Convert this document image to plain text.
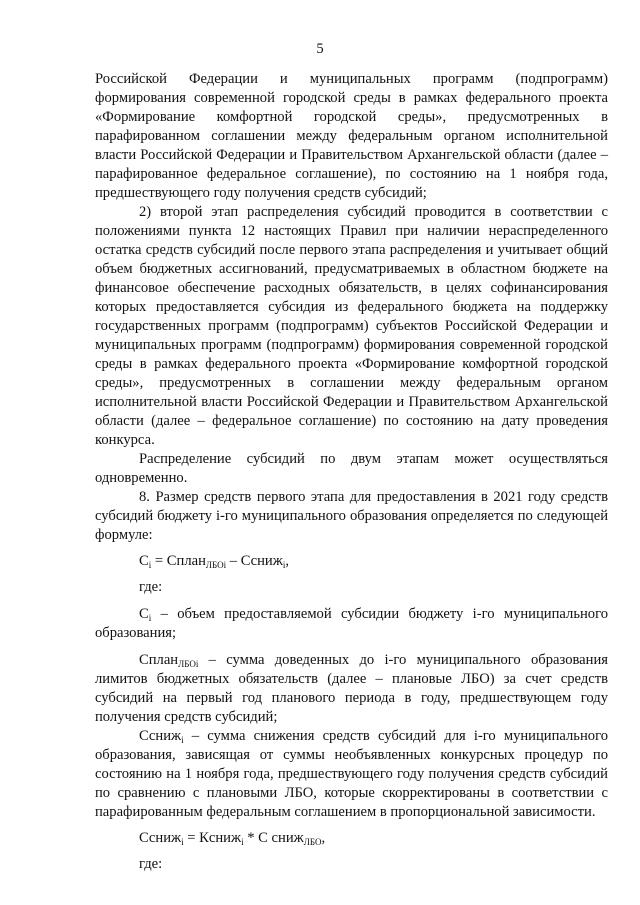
5

Российской Федерации и муниципальных программ (подпрограмм) формирования современной городской среды в рамках федерального проекта «Формирование комфортной городской среды», предусмотренных в парафированном соглашении между федеральным органом исполнительной власти Российской Федерации и Правительством Архангельской области (далее – парафированное федеральное соглашение), по состоянию на 1 ноября года, предшествующего году получения средств субсидий;

2) второй этап распределения субсидий проводится в соответствии с положениями пункта 12 настоящих Правил при наличии нераспределенного остатка средств субсидий после первого этапа распределения и учитывает общий объем бюджетных ассигнований, предусматриваемых в областном бюджете на финансовое обеспечение расходных обязательств, в целях софинансирования которых предоставляется субсидия из федерального бюджета на поддержку государственных программ (подпрограмм) субъектов Российской Федерации и муниципальных программ (подпрограмм) формирования современной городской среды в рамках федерального проекта «Формирование комфортной городской среды», предусмотренных в соглашении между федеральным органом исполнительной власти Российской Федерации и Правительством Архангельской области (далее – федеральное соглашение) по состоянию на дату проведения конкурса.

Распределение субсидий по двум этапам может осуществляться одновременно.

8. Размер средств первого этапа для предоставления в 2021 году средств субсидий бюджету i-го муниципального образования определяется по следующей формуле:

$С_i$ = Сплан$_{ЛБОi}$ – Ссниж$_i$,

где:

$С_i$ – объем предоставляемой субсидии бюджету i-го муниципального образования;

Сплан$_{ЛБОi}$ – сумма доведенных до i-го муниципального образования лимитов бюджетных обязательств (далее – плановые ЛБО) за счет средств субсидий на первый год планового периода в году, предшествующем году получения средств субсидий;

Ссниж$_i$ – сумма снижения средств субсидий для i-го муниципального образования, зависящая от суммы необъявленных конкурсных процедур по состоянию на 1 ноября года, предшествующего году получения средств субсидий по сравнению с плановыми ЛБО, которые скорректированы в соответствии с парафированным федеральным соглашением в пропорциональной зависимости.

Ссниж$_i$ = Кcниж$_i$ * С сниж$_{ЛБО}$,

где:
